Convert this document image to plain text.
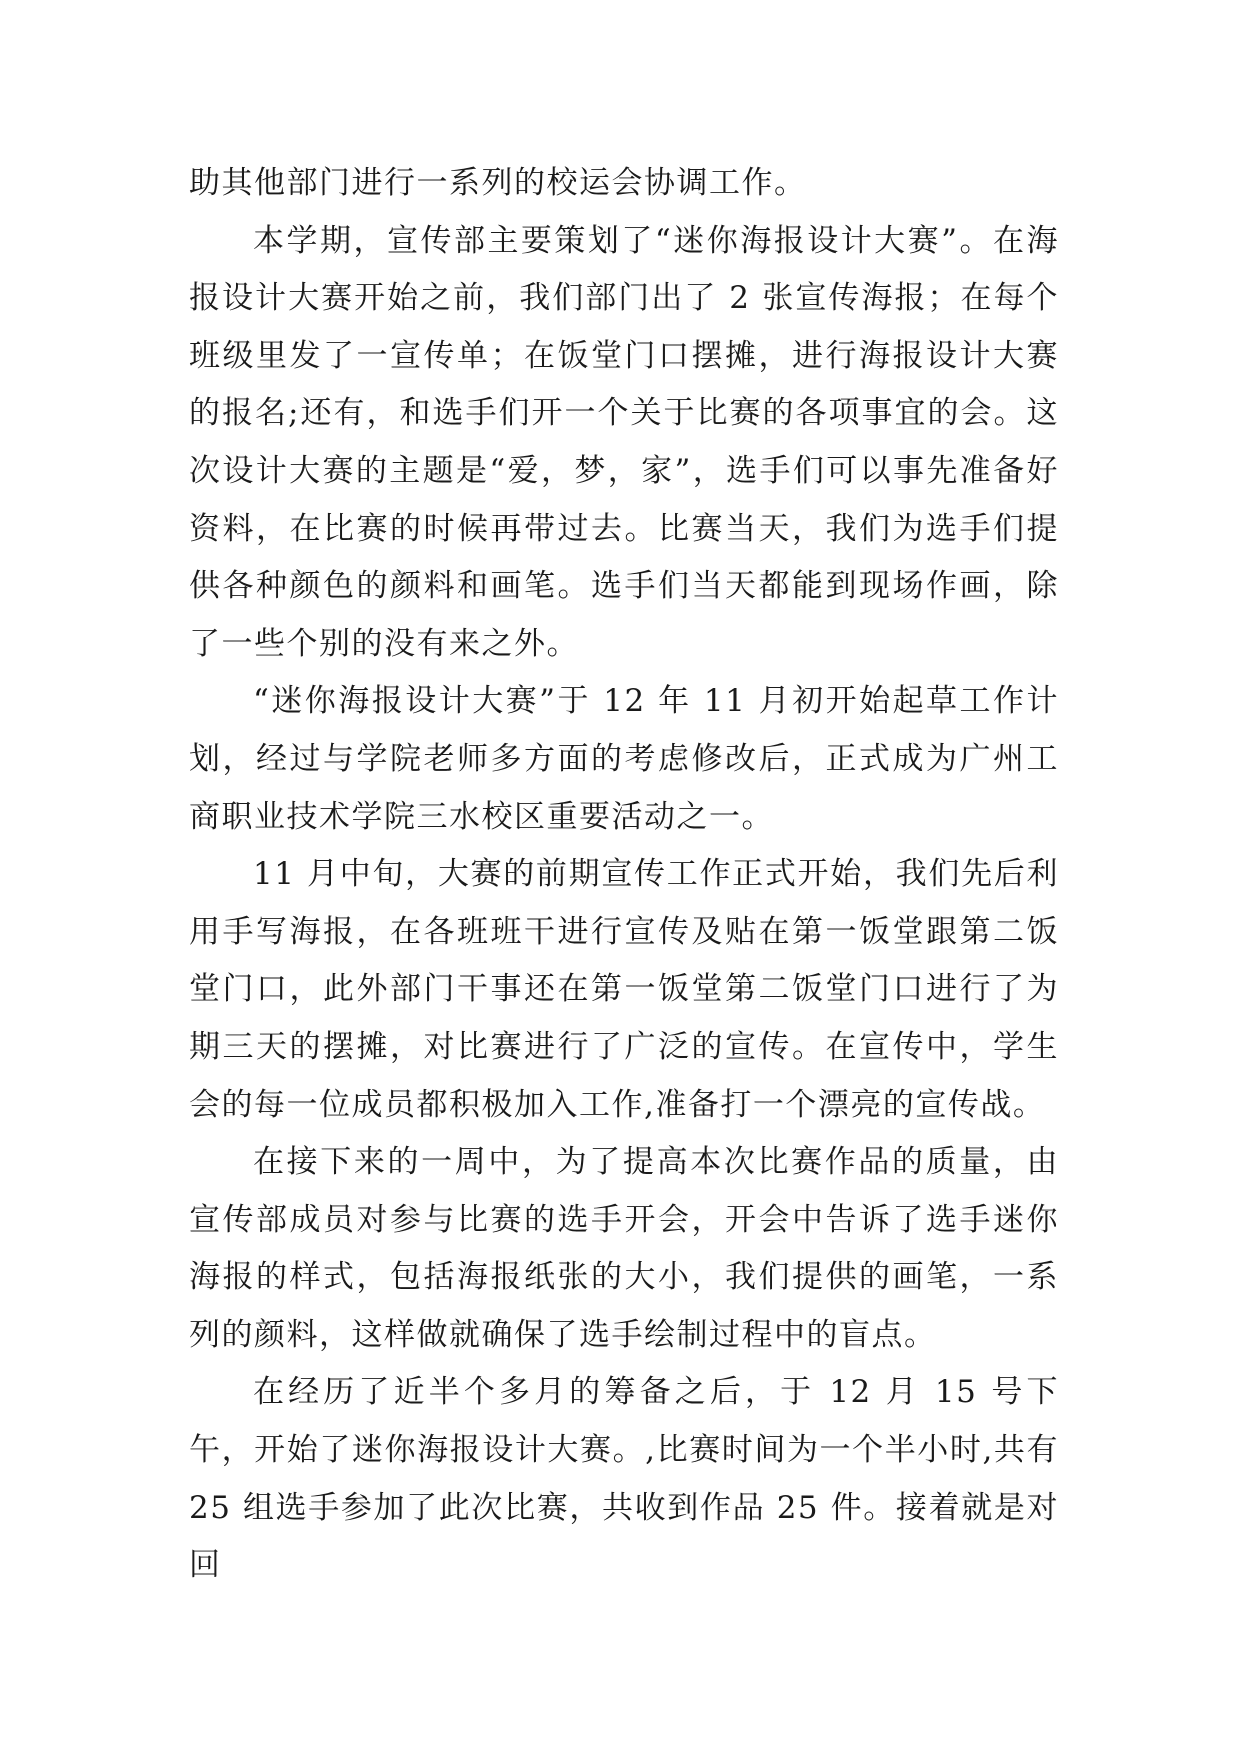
助其他部门进行一系列的校运会协调工作。

本学期，宣传部主要策划了“迷你海报设计大赛”。在海报设计大赛开始之前，我们部门出了 2 张宣传海报；在每个班级里发了一宣传单；在饭堂门口摆摊，进行海报设计大赛的报名;还有，和选手们开一个关于比赛的各项事宜的会。这次设计大赛的主题是“爱，梦，家”，选手们可以事先准备好资料，在比赛的时候再带过去。比赛当天，我们为选手们提供各种颜色的颜料和画笔。选手们当天都能到现场作画，除了一些个别的没有来之外。

“迷你海报设计大赛”于 12 年 11 月初开始起草工作计划，经过与学院老师多方面的考虑修改后，正式成为广州工商职业技术学院三水校区重要活动之一。

11 月中旬，大赛的前期宣传工作正式开始，我们先后利用手写海报，在各班班干进行宣传及贴在第一饭堂跟第二饭堂门口，此外部门干事还在第一饭堂第二饭堂门口进行了为期三天的摆摊，对比赛进行了广泛的宣传。在宣传中，学生会的每一位成员都积极加入工作,准备打一个漂亮的宣传战。

在接下来的一周中，为了提高本次比赛作品的质量，由宣传部成员对参与比赛的选手开会，开会中告诉了选手迷你海报的样式，包括海报纸张的大小，我们提供的画笔，一系列的颜料，这样做就确保了选手绘制过程中的盲点。

在经历了近半个多月的筹备之后，于 12 月 15 号下午，开始了迷你海报设计大赛。,比赛时间为一个半小时,共有 25 组选手参加了此次比赛，共收到作品 25 件。接着就是对回
